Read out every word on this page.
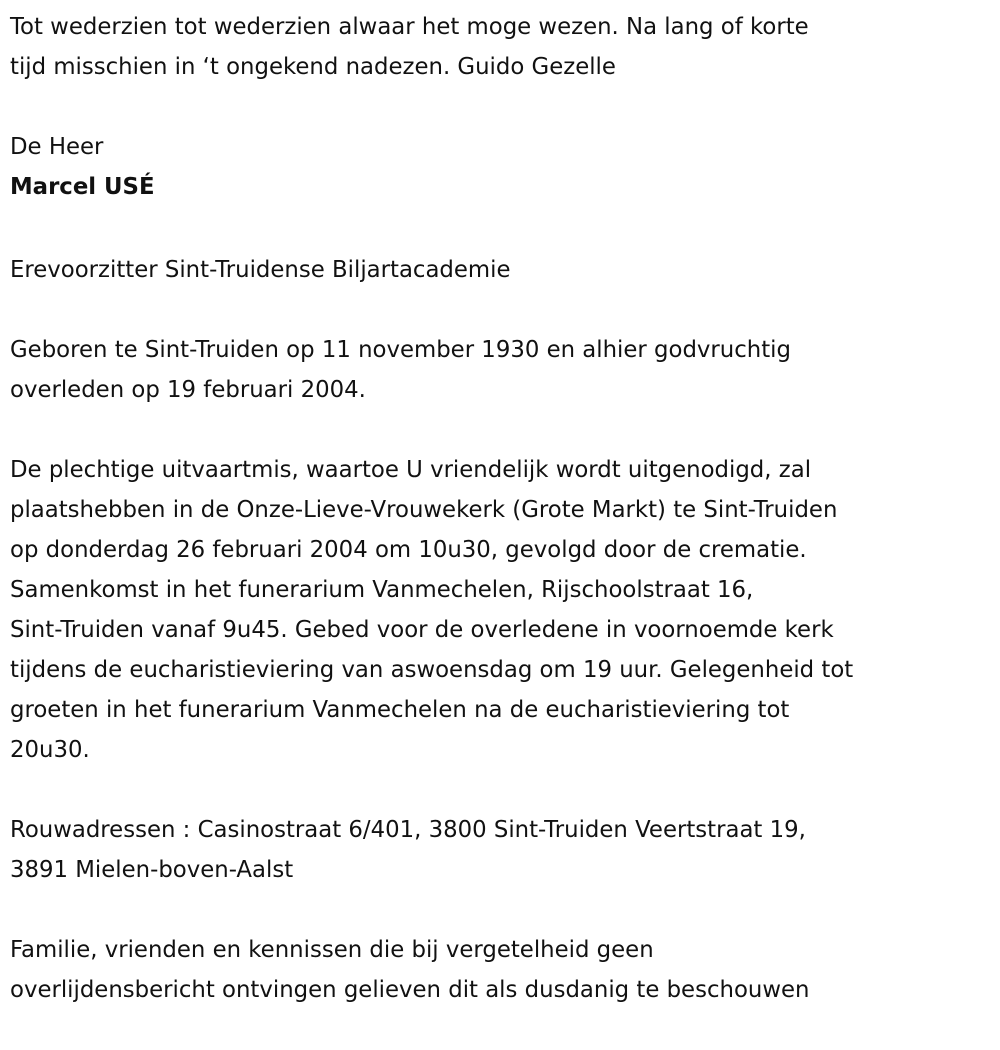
Tot wederzien tot wederzien alwaar het moge wezen. Na lang of korte
tijd misschien in ‘t ongekend nadezen. Guido Gezelle

De Heer

Marcel USÉ

Erevoorzitter Sint-Truidense Biljartacademie

Geboren te Sint-Truiden op 11 november 1930 en alhier godvruchtig
overleden op 19 februari 2004.

De plechtige uitvaartmis, waartoe U vriendelijk wordt uitgenodigd, zal
plaatshebben in de Onze-Lieve-Vrouwekerk (Grote Markt) te Sint-Truiden
op donderdag 26 februari 2004 om 10u30, gevolgd door de crematie.
Samenkomst in het funerarium Vanmechelen, Rijschoolstraat 16,
Sint-Truiden vanaf 9u45. Gebed voor de overledene in voornoemde kerk
tijdens de eucharistieviering van aswoensdag om 19 uur. Gelegenheid tot
groeten in het funerarium Vanmechelen na de eucharistieviering tot
20u30.

Rouwadressen : Casinostraat 6/401, 3800 Sint-Truiden Veertstraat 19,
3891 Mielen-boven-Aalst

Familie, vrienden en kennissen die bij vergetelheid geen
overlijdensbericht ontvingen gelieven dit als dusdanig te beschouwen
